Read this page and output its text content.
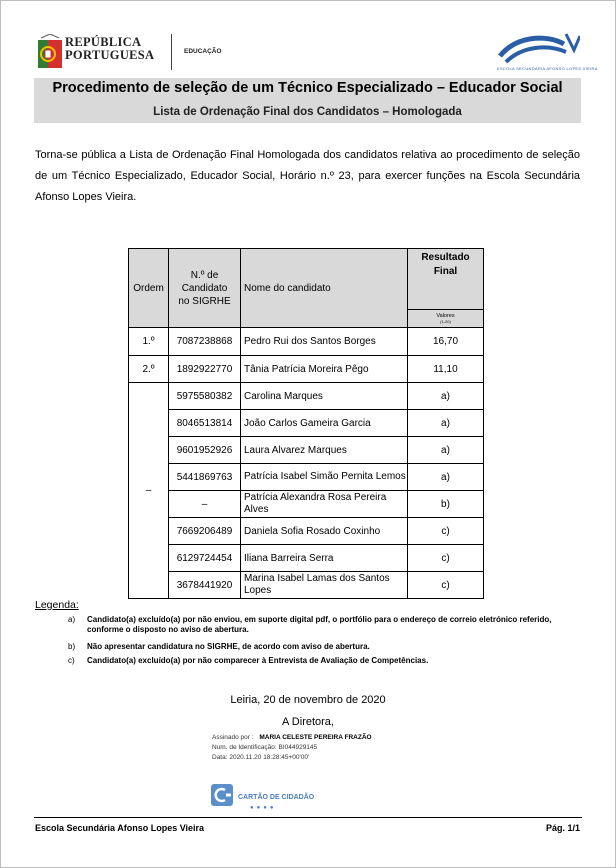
REPÚBLICA
PORTUGUESA	EDUCAÇÃO
ESCOLA SECUNDÁRIA AFONSO LOPES VIEIRA
Procedimento de seleção de um Técnico Especializado – Educador Social
Lista de Ordenação Final dos Candidatos – Homologada
Torna-se pública a Lista de Ordenação Final Homologada dos candidatos relativa ao procedimento de seleção de um Técnico Especializado, Educador Social, Horário n.º 23, para exercer funções na Escola Secundária Afonso Lopes Vieira.
Ordem	N.º de Candidato no SIGRHE	Nome do candidato	Resultado Final

			Valores
(1-20)

1.º	7087238868	Pedro Rui dos Santos Borges	16,70
2.º	1892922770	Tânia Patrícia Moreira Pêgo	11,10
–	5975580382	Carolina Marques	a)
	8046513814	João Carlos Gameira Garcia	a)
	9601952926	Laura Alvarez Marques	a)
	5441869763	Patrícia Isabel Simão Pernita Lemos	a)
	–	Patrícia Alexandra Rosa Pereira Alves	b)
	7669206489	Daniela Sofia Rosado Coxinho	c)
	6129724454	Iliana Barreira Serra	c)
	3678441920	Marina Isabel Lamas dos Santos Lopes	c)
Legenda:
a)	Candidato(a) excluído(a) por não enviou, em suporte digital pdf, o portfólio para o endereço de correio eletrónico referido, conforme o disposto no aviso de abertura.
b)	Não apresentar candidatura no SIGRHE, de acordo com aviso de abertura.
c)	Candidato(a) excluído(a) por não comparecer à Entrevista de Avaliação de Competências.
Leiria, 20 de novembro de 2020
A Diretora,
Assinado por : MARIA CELESTE PEREIRA FRAZÃO
Num. de Identificação: BI044929145
Data: 2020.11.20 18:28:45+00'00'
CARTÃO DE CIDADÃO
●●●●
Escola Secundária Afonso Lopes Vieira	Pág. 1/1
